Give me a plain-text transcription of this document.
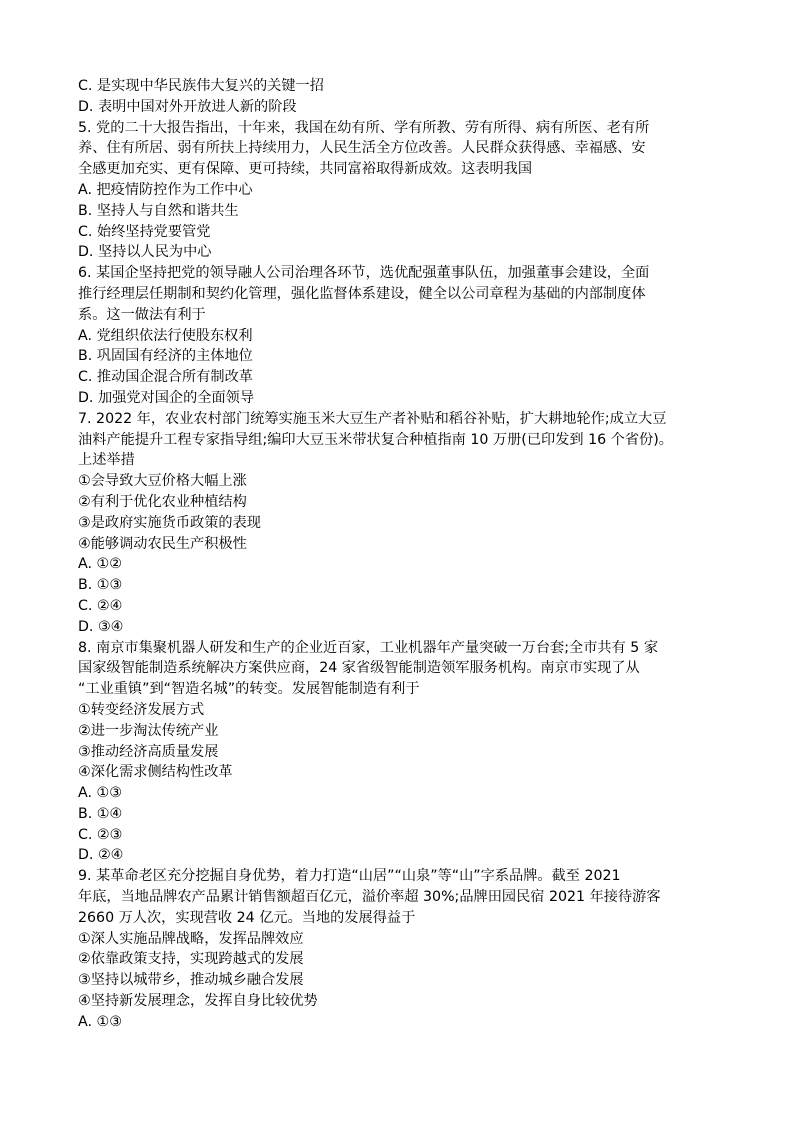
C. 是实现中华民族伟大复兴的关键一招
D. 表明中国对外开放进人新的阶段
5. 党的二十大报告指出，十年来，我国在幼有所、学有所教、劳有所得、病有所医、老有所
养、住有所居、弱有所扶上持续用力，人民生活全方位改善。人民群众获得感、幸福感、安
全感更加充实、更有保障、更可持续，共同富裕取得新成效。这表明我国
A. 把疫情防控作为工作中心
B. 坚持人与自然和谐共生
C. 始终坚持党要管党
D. 坚持以人民为中心
6. 某国企坚持把党的领导融人公司治理各环节，选优配强董事队伍，加强董事会建设，全面
推行经理层任期制和契约化管理，强化监督体系建设，健全以公司章程为基础的内部制度体
系。这一做法有利于
A. 党组织依法行使股东权利
B. 巩固国有经济的主体地位
C. 推动国企混合所有制改革
D. 加强党对国企的全面领导
7. 2022 年，农业农村部门统筹实施玉米大豆生产者补贴和稻谷补贴，扩大耕地轮作;成立大豆
油料产能提升工程专家指导组;编印大豆玉米带状复合种植指南 10 万册(已印发到 16 个省份)。
上述举措
①会导致大豆价格大幅上涨
②有利于优化农业种植结构
③是政府实施货币政策的表现
④能够调动农民生产积极性
A. ①②
B. ①③
C. ②④
D. ③④
8. 南京市集聚机器人研发和生产的企业近百家，工业机器年产量突破一万台套;全市共有 5 家
国家级智能制造系统解决方案供应商，24 家省级智能制造领军服务机构。南京市实现了从
“工业重镇”到“智造名城”的转变。发展智能制造有利于
①转变经济发展方式
②进一步淘汰传统产业
③推动经济高质量发展
④深化需求侧结构性改革
A. ①③
B. ①④
C. ②③
D. ②④
9. 某革命老区充分挖掘自身优势，着力打造“山居”“山泉”等“山”字系品牌。截至 2021
年底，当地品牌农产品累计销售额超百亿元，溢价率超 30%;品牌田园民宿 2021 年接待游客
2660 万人次，实现营收 24 亿元。当地的发展得益于
①深人实施品牌战略，发挥品牌效应
②依靠政策支持，实现跨越式的发展
③坚持以城带乡，推动城乡融合发展
④坚持新发展理念，发挥自身比较优势
A. ①③
